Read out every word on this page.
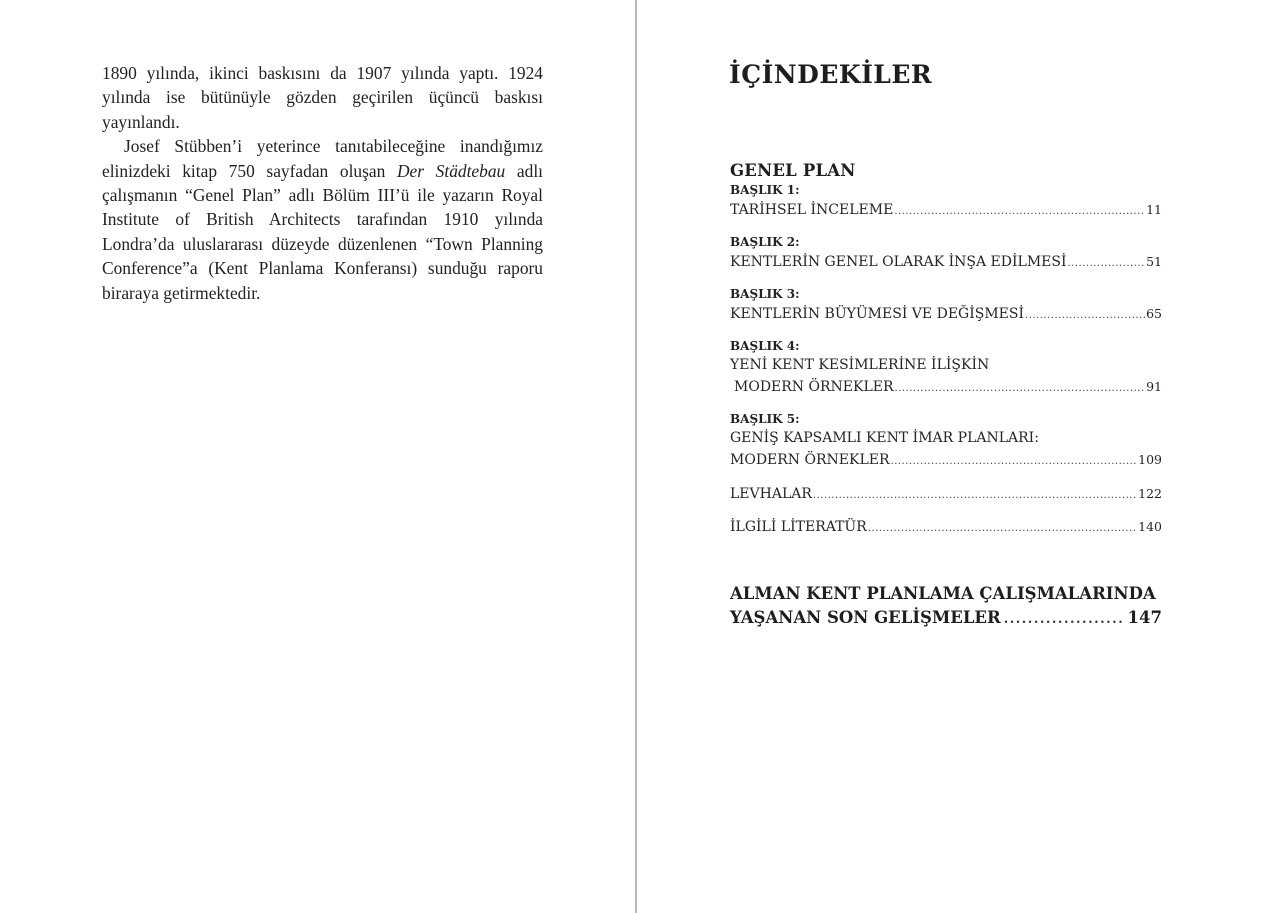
1890 yılında, ikinci baskısını da 1907 yılında yaptı. 1924 yılında ise bütünüyle gözden geçirilen üçüncü baskısı yayınlandı.

Josef Stübben’i yeterince tanıtabileceğine inandığımız elinizdeki kitap 750 sayfadan oluşan Der Städtebau adlı çalışmanın “Genel Plan” adlı Bölüm III’ü ile yazarın Royal Institute of British Architects tarafından 1910 yılında Londra’da uluslararası düzeyde düzenlenen “Town Planning Conference”a (Kent Planlama Konferansı) sunduğu raporu biraraya getirmektedir.

İÇİNDEKİLER
GENEL PLAN
BAŞLIK 1:
TARİHSEL İNCELEME .....	11
BAŞLIK 2:
KENTLERİN GENEL OLARAK İNŞA EDİLMESİ .....	51
BAŞLIK 3:
KENTLERİN BÜYÜMESİ VE DEĞİŞMESİ .....	65
BAŞLIK 4:
YENİ KENT KESİMLERİNE İLİŞKİN
MODERN ÖRNEKLER .....	91
BAŞLIK 5:
GENİŞ KAPSAMLI KENT İMAR PLANLARI:
MODERN ÖRNEKLER .....	109
LEVHALAR .....	122
İLGİLİ LİTERATÜR .....	140
ALMAN KENT PLANLAMA ÇALIŞMALARINDA
YAŞANAN SON GELİŞMELER .....	147
